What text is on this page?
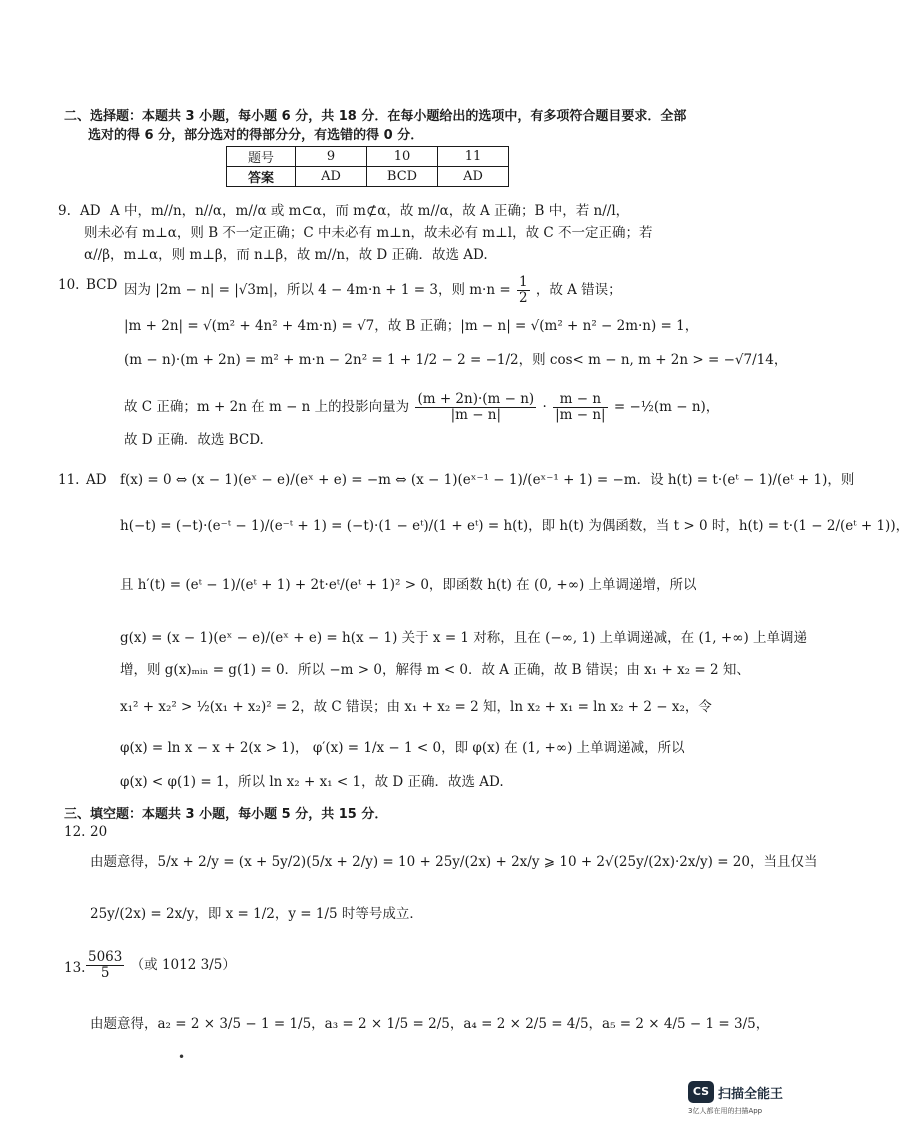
二、选择题：本题共 3 小题，每小题 6 分，共 18 分．在每小题给出的选项中，有多项符合题目要求．全部
选对的得 6 分，部分选对的得部分分，有选错的得 0 分．
题号	9	10	11
答案	AD	BCD	AD
9. AD A 中，m//n，n//α，m//α 或 m⊂α，而 m⊄α，故 m//α，故 A 正确；B 中，若 n//l，
则未必有 m⊥α，则 B 不一定正确；C 中未必有 m⊥n，故未必有 m⊥l，故 C 不一定正确；若
α//β，m⊥α，则 m⊥β，而 n⊥β，故 m//n，故 D 正确．故选 AD.
10. BCD 因为 |2m − n| = |√3m|，所以 4 − 4m·n + 1 = 3，则 $m\cdot n = \frac{1}{2}$ ，故 A 错误；
|m + 2n| = √(m² + 4n² + 4m·n) = √7，故 B 正确；|m − n| = √(m² + n² − 2m·n) = 1，
(m − n)·(m + 2n) = m² + m·n − 2n² = 1 + 1/2 − 2 = −1/2，则 cos< m − n, m + 2n > = −√7/14，
故 C 正确；m + 2n 在 m − n 上的投影向量为 $\frac{(m + 2n)\cdot(m - n)}{|m - n|} \cdot \frac{m - n}{|m - n|}$ = −½(m − n)，
故 D 正确．故选 BCD.
11. AD f(x) = 0 ⇔ (x − 1)(eˣ − e)/(eˣ + e) = −m ⇔ (x − 1)(eˣ⁻¹ − 1)/(eˣ⁻¹ + 1) = −m．设 h(t) = t·(eᵗ − 1)/(eᵗ + 1)，则
h(−t) = (−t)·(e⁻ᵗ − 1)/(e⁻ᵗ + 1) = (−t)·(1 − eᵗ)/(1 + eᵗ) = h(t)，即 h(t) 为偶函数，当 t > 0 时，h(t) = t·(1 − 2/(eᵗ + 1))，
且 h′(t) = (eᵗ − 1)/(eᵗ + 1) + 2t·eᵗ/(eᵗ + 1)² > 0，即函数 h(t) 在 (0, +∞) 上单调递增，所以
g(x) = (x − 1)(eˣ − e)/(eˣ + e) = h(x − 1) 关于 x = 1 对称，且在 (−∞, 1) 上单调递减，在 (1, +∞) 上单调递
增，则 g(x)ₘᵢₙ = g(1) = 0．所以 −m > 0，解得 m < 0．故 A 正确，故 B 错误；由 x₁ + x₂ = 2 知、
x₁² + x₂² > ½(x₁ + x₂)² = 2，故 C 错误；由 x₁ + x₂ = 2 知，ln x₂ + x₁ = ln x₂ + 2 − x₂，令
φ(x) = ln x − x + 2(x > 1)， φ′(x) = 1/x − 1 < 0，即 φ(x) 在 (1, +∞) 上单调递减，所以
φ(x) < φ(1) = 1，所以 ln x₂ + x₁ < 1，故 D 正确．故选 AD.
三、填空题：本题共 3 小题，每小题 5 分，共 15 分．
12. 20
由题意得，5/x + 2/y = (x + 5y/2)(5/x + 2/y) = 10 + 25y/(2x) + 2x/y ⩾ 10 + 2√(25y/(2x)·2x/y) = 20，当且仅当
25y/(2x) = 2x/y，即 x = 1/2，y = 1/5 时等号成立．
13. $\frac{5063}{5}$ （或 1012 3/5）
由题意得，a₂ = 2 × 3/5 − 1 = 1/5，a₃ = 2 × 1/5 = 2/5，a₄ = 2 × 2/5 = 4/5，a₅ = 2 × 4/5 − 1 = 3/5，
•
CS 扫描全能王
3亿人都在用的扫描App
